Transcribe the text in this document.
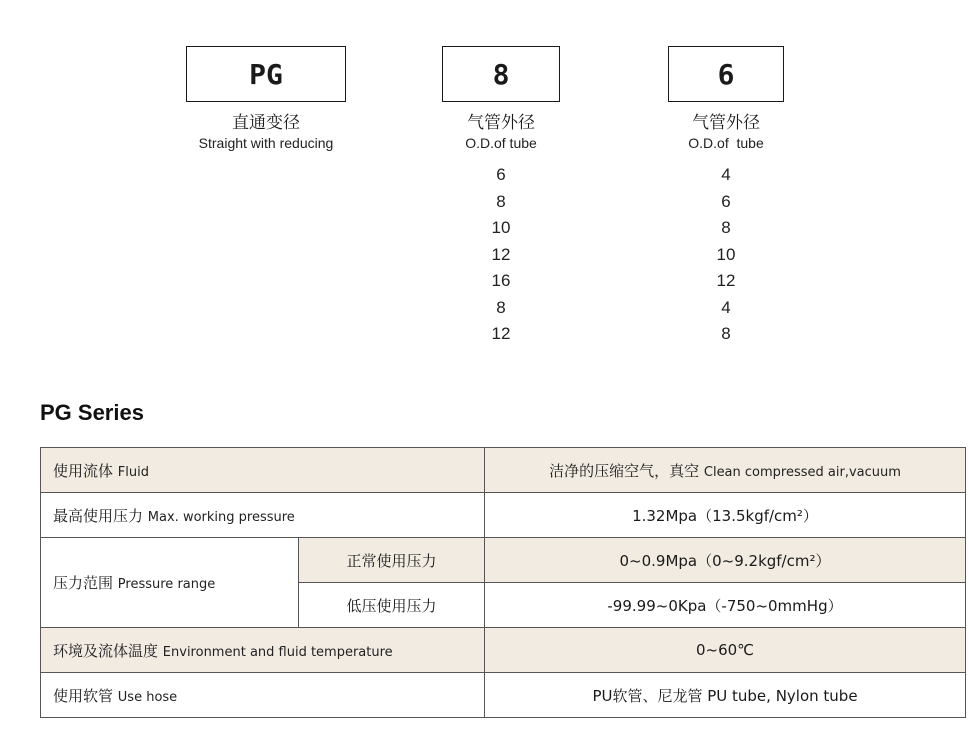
PG
直通变径
Straight with reducing
8
气管外径
O.D.of tube
6
8
10
12
16
8
12
6
气管外径
O.D.of  tube
4
6
8
10
12
4
8
PG Series
使用流体 Fluid		洁净的压缩空气，真空 Clean compressed air,vacuum
最高使用压力 Max. working pressure		1.32Mpa（13.5kgf/cm²）
压力范围 Pressure range	正常使用压力	0~0.9Mpa（0~9.2kgf/cm²）
	低压使用压力	-99.99~0Kpa（-750~0mmHg）
环境及流体温度 Environment and fluid temperature		0~60℃
使用软管 Use hose		PU软管、尼龙管 PU tube, Nylon tube
